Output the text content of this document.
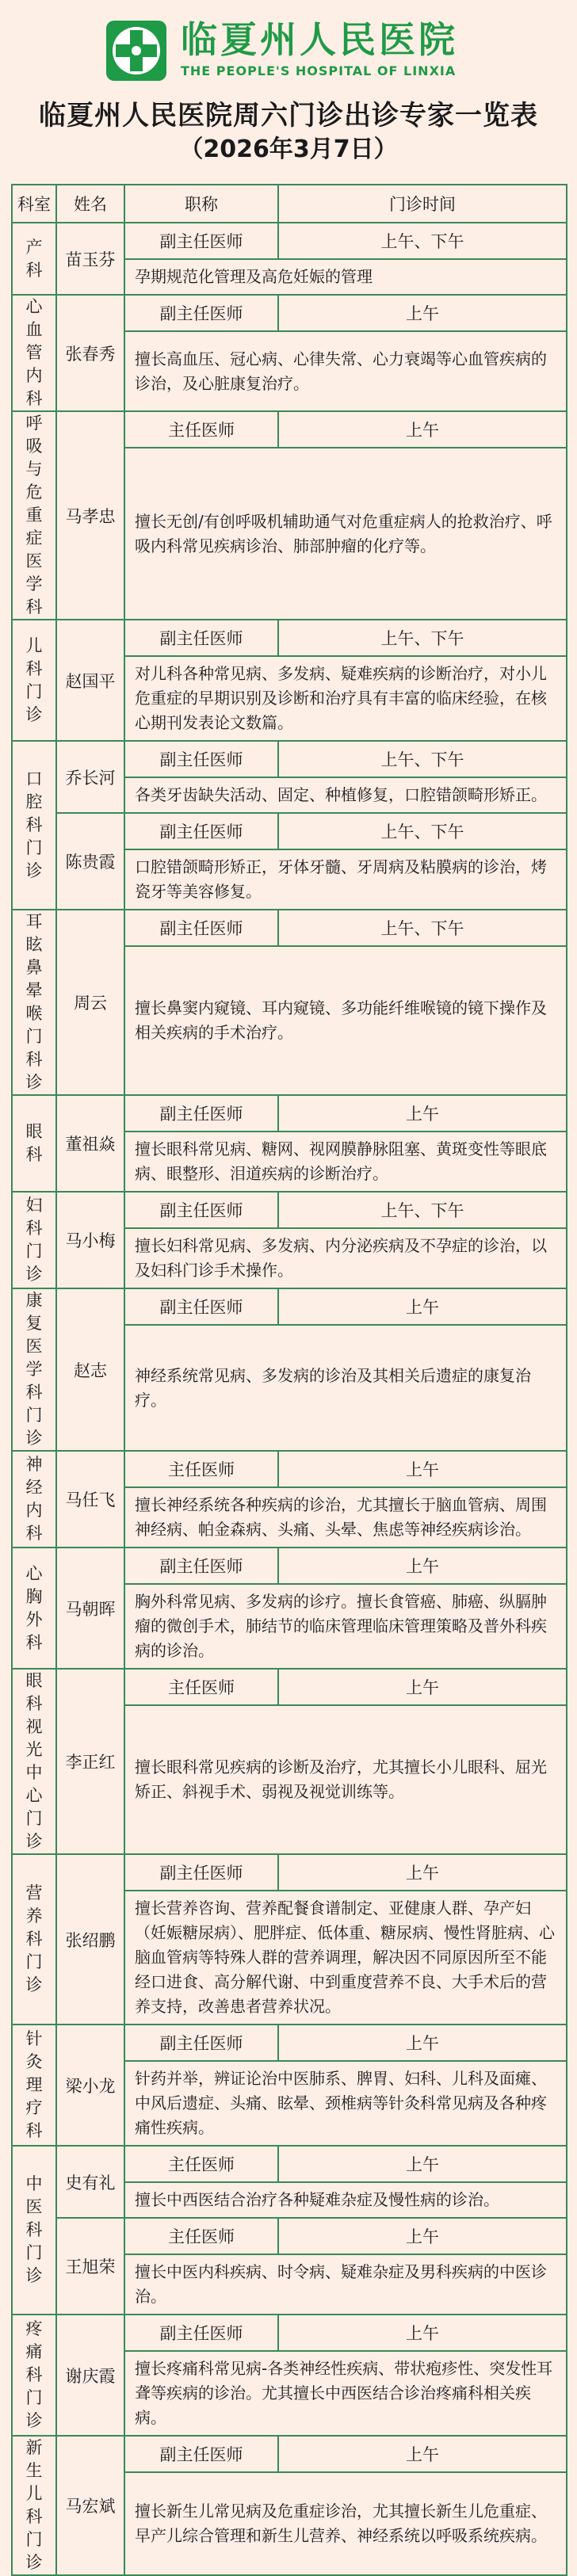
临夏州人民医院
THE PEOPLE'S HOSPITAL OF LINXIA
临夏州人民医院周六门诊出诊专家一览表
（2026年3月7日）
科室	姓名	职称	门诊时间
产科	苗玉芬	副主任医师	上午、下午
		孕期规范化管理及高危妊娠的管理	
心血管内科	张春秀	副主任医师	上午
		擅长高血压、冠心病、心律失常、心力衰竭等心血管疾病的诊治，及心脏康复治疗。	
呼吸与危重症医学科	马孝忠	主任医师	上午
		擅长无创/有创呼吸机辅助通气对危重症病人的抢救治疗、呼吸内科常见疾病诊治、肺部肿瘤的化疗等。	
儿科门诊	赵国平	副主任医师	上午、下午
		对儿科各种常见病、多发病、疑难疾病的诊断治疗，对小儿危重症的早期识别及诊断和治疗具有丰富的临床经验，在核心期刊发表论文数篇。	
口腔科门诊	乔长河	副主任医师	上午、下午
		各类牙齿缺失活动、固定、种植修复，口腔错颌畸形矫正。	
	陈贵霞	副主任医师	上午、下午
		口腔错颌畸形矫正，牙体牙髓、牙周病及粘膜病的诊治，烤瓷牙等美容修复。	
耳眩鼻晕喉门科诊	周云	副主任医师	上午、下午
		擅长鼻窦内窥镜、耳内窥镜、多功能纤维喉镜的镜下操作及相关疾病的手术治疗。	
眼科	董祖焱	副主任医师	上午
		擅长眼科常见病、糖网、视网膜静脉阻塞、黄斑变性等眼底病、眼整形、泪道疾病的诊断治疗。	
妇科门诊	马小梅	副主任医师	上午、下午
		擅长妇科常见病、多发病、内分泌疾病及不孕症的诊治，以及妇科门诊手术操作。	
康复医学科门诊	赵志	副主任医师	上午
		神经系统常见病、多发病的诊治及其相关后遗症的康复治疗。	
神经内科	马任飞	主任医师	上午
		擅长神经系统各种疾病的诊治，尤其擅长于脑血管病、周围神经病、帕金森病、头痛、头晕、焦虑等神经疾病诊治。	
心胸外科	马朝晖	副主任医师	上午
		胸外科常见病、多发病的诊疗。擅长食管癌、肺癌、纵膈肿瘤的微创手术，肺结节的临床管理临床管理策略及普外科疾病的诊治。	
眼科视光中心门诊	李正红	主任医师	上午
		擅长眼科常见疾病的诊断及治疗，尤其擅长小儿眼科、屈光矫正、斜视手术、弱视及视觉训练等。	
营养科门诊	张绍鹏	副主任医师	上午
		擅长营养咨询、营养配餐食谱制定、亚健康人群、孕产妇（妊娠糖尿病）、肥胖症、低体重、糖尿病、慢性肾脏病、心脑血管病等特殊人群的营养调理，解决因不同原因所至不能经口进食、高分解代谢、中到重度营养不良、大手术后的营养支持，改善患者营养状况。	
针灸理疗科	梁小龙	副主任医师	上午
		针药并举，辨证论治中医肺系、脾胃、妇科、儿科及面瘫、中风后遗症、头痛、眩晕、颈椎病等针灸科常见病及各种疼痛性疾病。	
中医科门诊	史有礼	主任医师	上午
		擅长中西医结合治疗各种疑难杂症及慢性病的诊治。	
	王旭荣	主任医师	上午
		擅长中医内科疾病、时令病、疑难杂症及男科疾病的中医诊治。	
疼痛科门诊	谢庆霞	副主任医师	上午
		擅长疼痛科常见病-各类神经性疾病、带状疱疹性、突发性耳聋等疾病的诊治。尤其擅长中西医结合诊治疼痛科相关疾病。	
新生儿科门诊	马宏斌	副主任医师	上午
		擅长新生儿常见病及危重症诊治，尤其擅长新生儿危重症、早产儿综合管理和新生儿营养、神经系统以呼吸系统疾病。	
